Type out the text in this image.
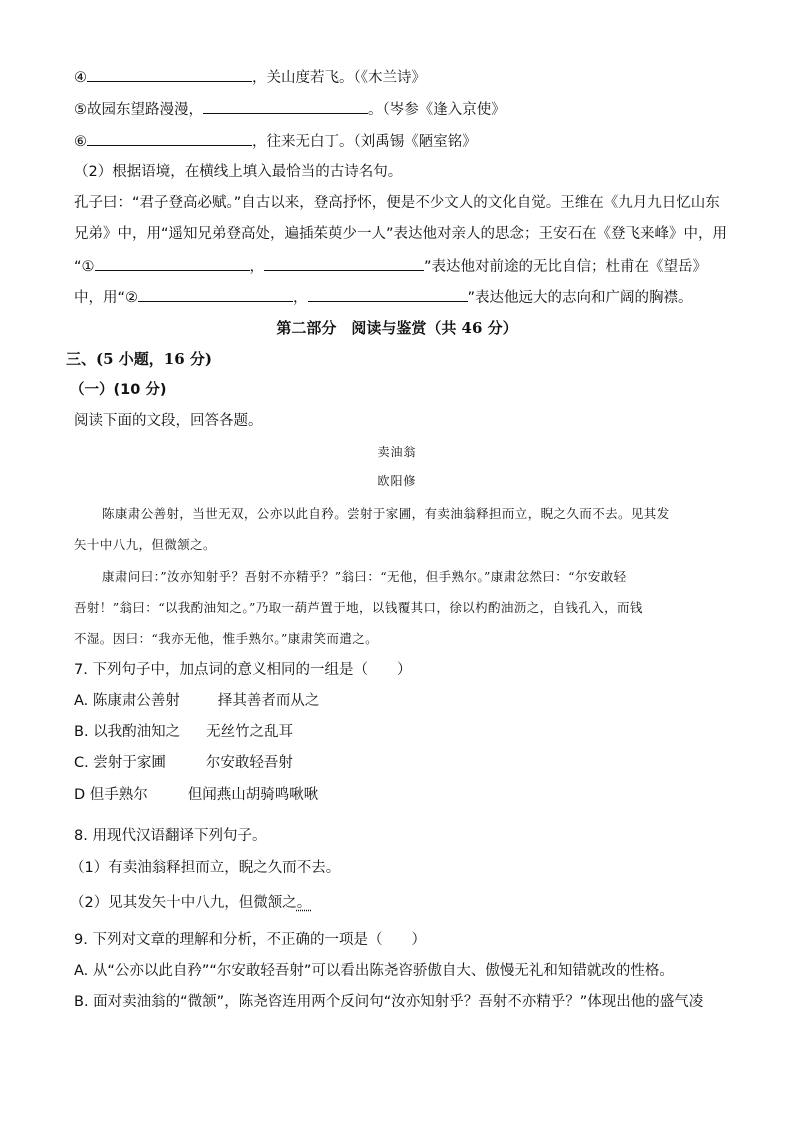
④	，关山度若飞。（《木兰诗》
⑤故园东望路漫漫，	。（岑参《逢入京使》
⑥	，往来无白丁。（刘禹锡《陋室铭》
（2）根据语境，在横线上填入最恰当的古诗名句。
孔子曰：“君子登高必赋。”自古以来，登高抒怀，便是不少文人的文化自觉。王维在《九月九日忆山东
兄弟》中，用“遥知兄弟登高处，遍插茱萸少一人”表达他对亲人的思念；王安石在《登飞来峰》中，用
“①	，	”表达他对前途的无比自信；杜甫在《望岳》
中，用“②	，	”表达他远大的志向和广阔的胸襟。
第二部分　阅读与鉴赏（共 46 分）
三、(5 小题，16 分)
（一）(10 分)
阅读下面的文段，回答各题。
卖油翁
欧阳修
陈康肃公善射，当世无双，公亦以此自矜。尝射于家圃，有卖油翁释担而立，睨之久而不去。见其发
矢十中八九，但微颔之。
康肃问曰：”汝亦知射乎？吾射不亦精乎？”翁曰：“无他，但手熟尔。”康肃忿然曰：“尔安敢轻
吾射！”翁曰：“以我酌油知之。”乃取一葫芦置于地，以钱覆其口，徐以杓酌油沥之，自钱孔入，而钱
不湿。因曰：“我亦无他，惟手熟尔。”康肃笑而遣之。
7. 下列句子中，加点词的意义相同的一组是（　　）
A. 陈康肃公善射	择其善者而从之
B. 以我酌油知之 无丝竹之乱耳
C. 尝射于家圃	尔安敢轻吾射
D 但手熟尔	但闻燕山胡骑鸣啾啾
8. 用现代汉语翻译下列句子。
（1）有卖油翁释担而立，睨之久而不去。
（2）见其发矢十中八九，但微颔之。
9. 下列对文章的理解和分析，不正确的一项是（　　）
A. 从“公亦以此自矜”“尔安敢轻吾射”可以看出陈尧咨骄傲自大、傲慢无礼和知错就改的性格。
B. 面对卖油翁的“微颔”，陈尧咨连用两个反问句“汝亦知射乎？吾射不亦精乎？”体现出他的盛气凌
